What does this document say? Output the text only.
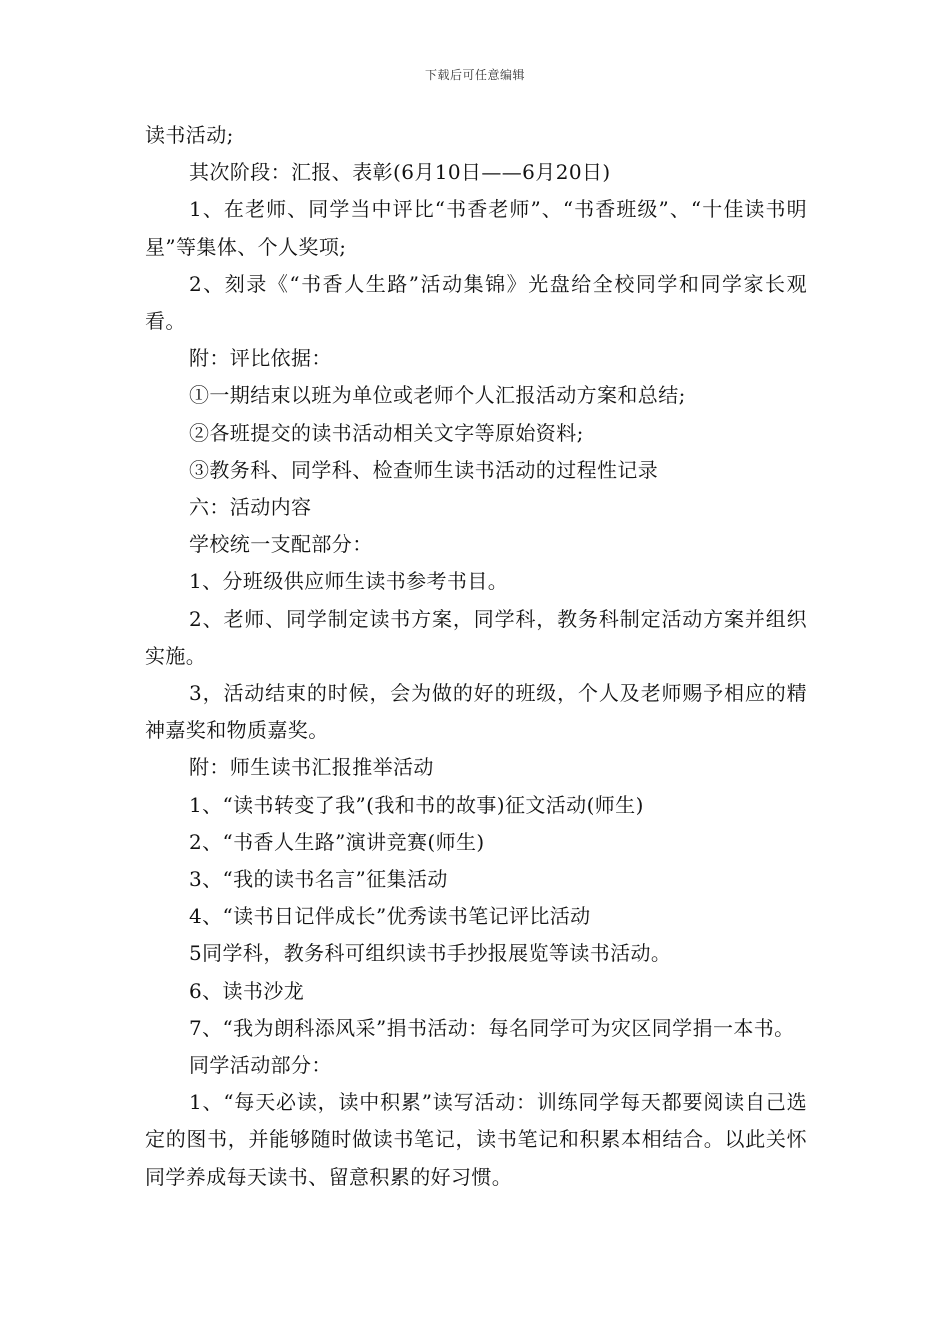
下载后可任意编辑

读书活动;

其次阶段：汇报、表彰(6月10日——6月20日)

1、在老师、同学当中评比“书香老师”、“书香班级”、“十佳读书明星”等集体、个人奖项;

2、刻录《“书香人生路”活动集锦》光盘给全校同学和同学家长观看。

附：评比依据：

①一期结束以班为单位或老师个人汇报活动方案和总结;

②各班提交的读书活动相关文字等原始资料;

③教务科、同学科、检查师生读书活动的过程性记录

六：活动内容

学校统一支配部分：

1、分班级供应师生读书参考书目。

2、老师、同学制定读书方案，同学科，教务科制定活动方案并组织实施。

3，活动结束的时候，会为做的好的班级，个人及老师赐予相应的精神嘉奖和物质嘉奖。

附：师生读书汇报推举活动

1、“读书转变了我”(我和书的故事)征文活动(师生)

2、“书香人生路”演讲竞赛(师生)

3、“我的读书名言”征集活动

4、“读书日记伴成长”优秀读书笔记评比活动

5同学科，教务科可组织读书手抄报展览等读书活动。

6、读书沙龙

7、“我为朗科添风采”捐书活动：每名同学可为灾区同学捐一本书。

同学活动部分：

1、“每天必读，读中积累”读写活动：训练同学每天都要阅读自己选定的图书，并能够随时做读书笔记，读书笔记和积累本相结合。以此关怀同学养成每天读书、留意积累的好习惯。
